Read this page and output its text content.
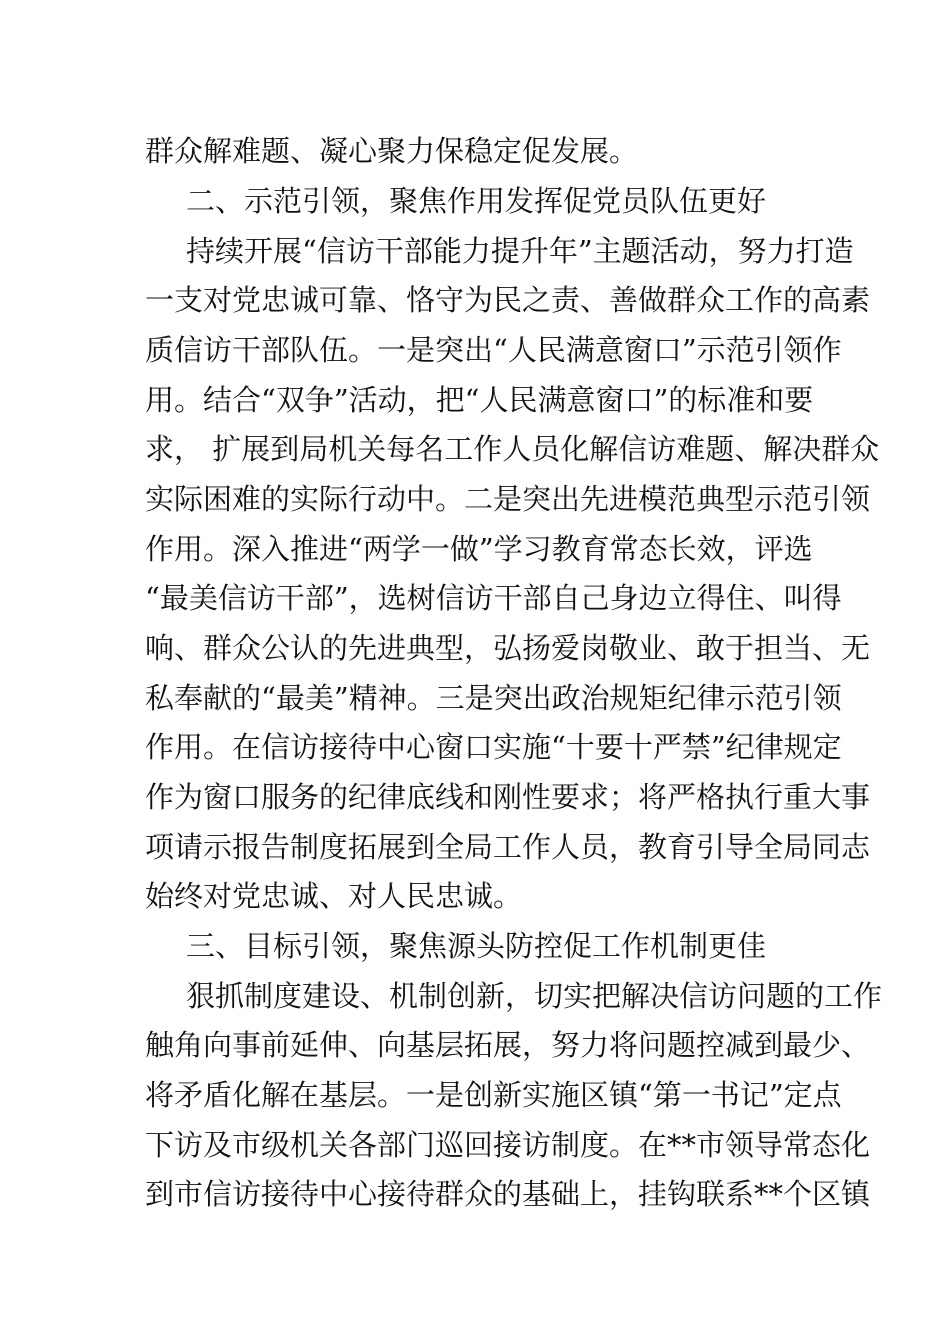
群众解难题、凝心聚力保稳定促发展。
二、示范引领，聚焦作用发挥促党员队伍更好
持续开展“信访干部能力提升年”主题活动，努力打造
一支对党忠诚可靠、恪守为民之责、善做群众工作的高素
质信访干部队伍。一是突出“人民满意窗口”示范引领作
用。结合“双争”活动，把“人民满意窗口”的标准和要
求， 扩展到局机关每名工作人员化解信访难题、解决群众
实际困难的实际行动中。二是突出先进模范典型示范引领
作用。深入推进“两学一做”学习教育常态长效，评选
“最美信访干部”，选树信访干部自己身边立得住、叫得
响、群众公认的先进典型，弘扬爱岗敬业、敢于担当、无
私奉献的“最美”精神。三是突出政治规矩纪律示范引领
作用。在信访接待中心窗口实施“十要十严禁”纪律规定
作为窗口服务的纪律底线和刚性要求；将严格执行重大事
项请示报告制度拓展到全局工作人员，教育引导全局同志
始终对党忠诚、对人民忠诚。
三、目标引领，聚焦源头防控促工作机制更佳
狠抓制度建设、机制创新，切实把解决信访问题的工作
触角向事前延伸、向基层拓展，努力将问题控减到最少、
将矛盾化解在基层。一是创新实施区镇“第一书记”定点
下访及市级机关各部门巡回接访制度。在**市领导常态化
到市信访接待中心接待群众的基础上，挂钩联系**个区镇
